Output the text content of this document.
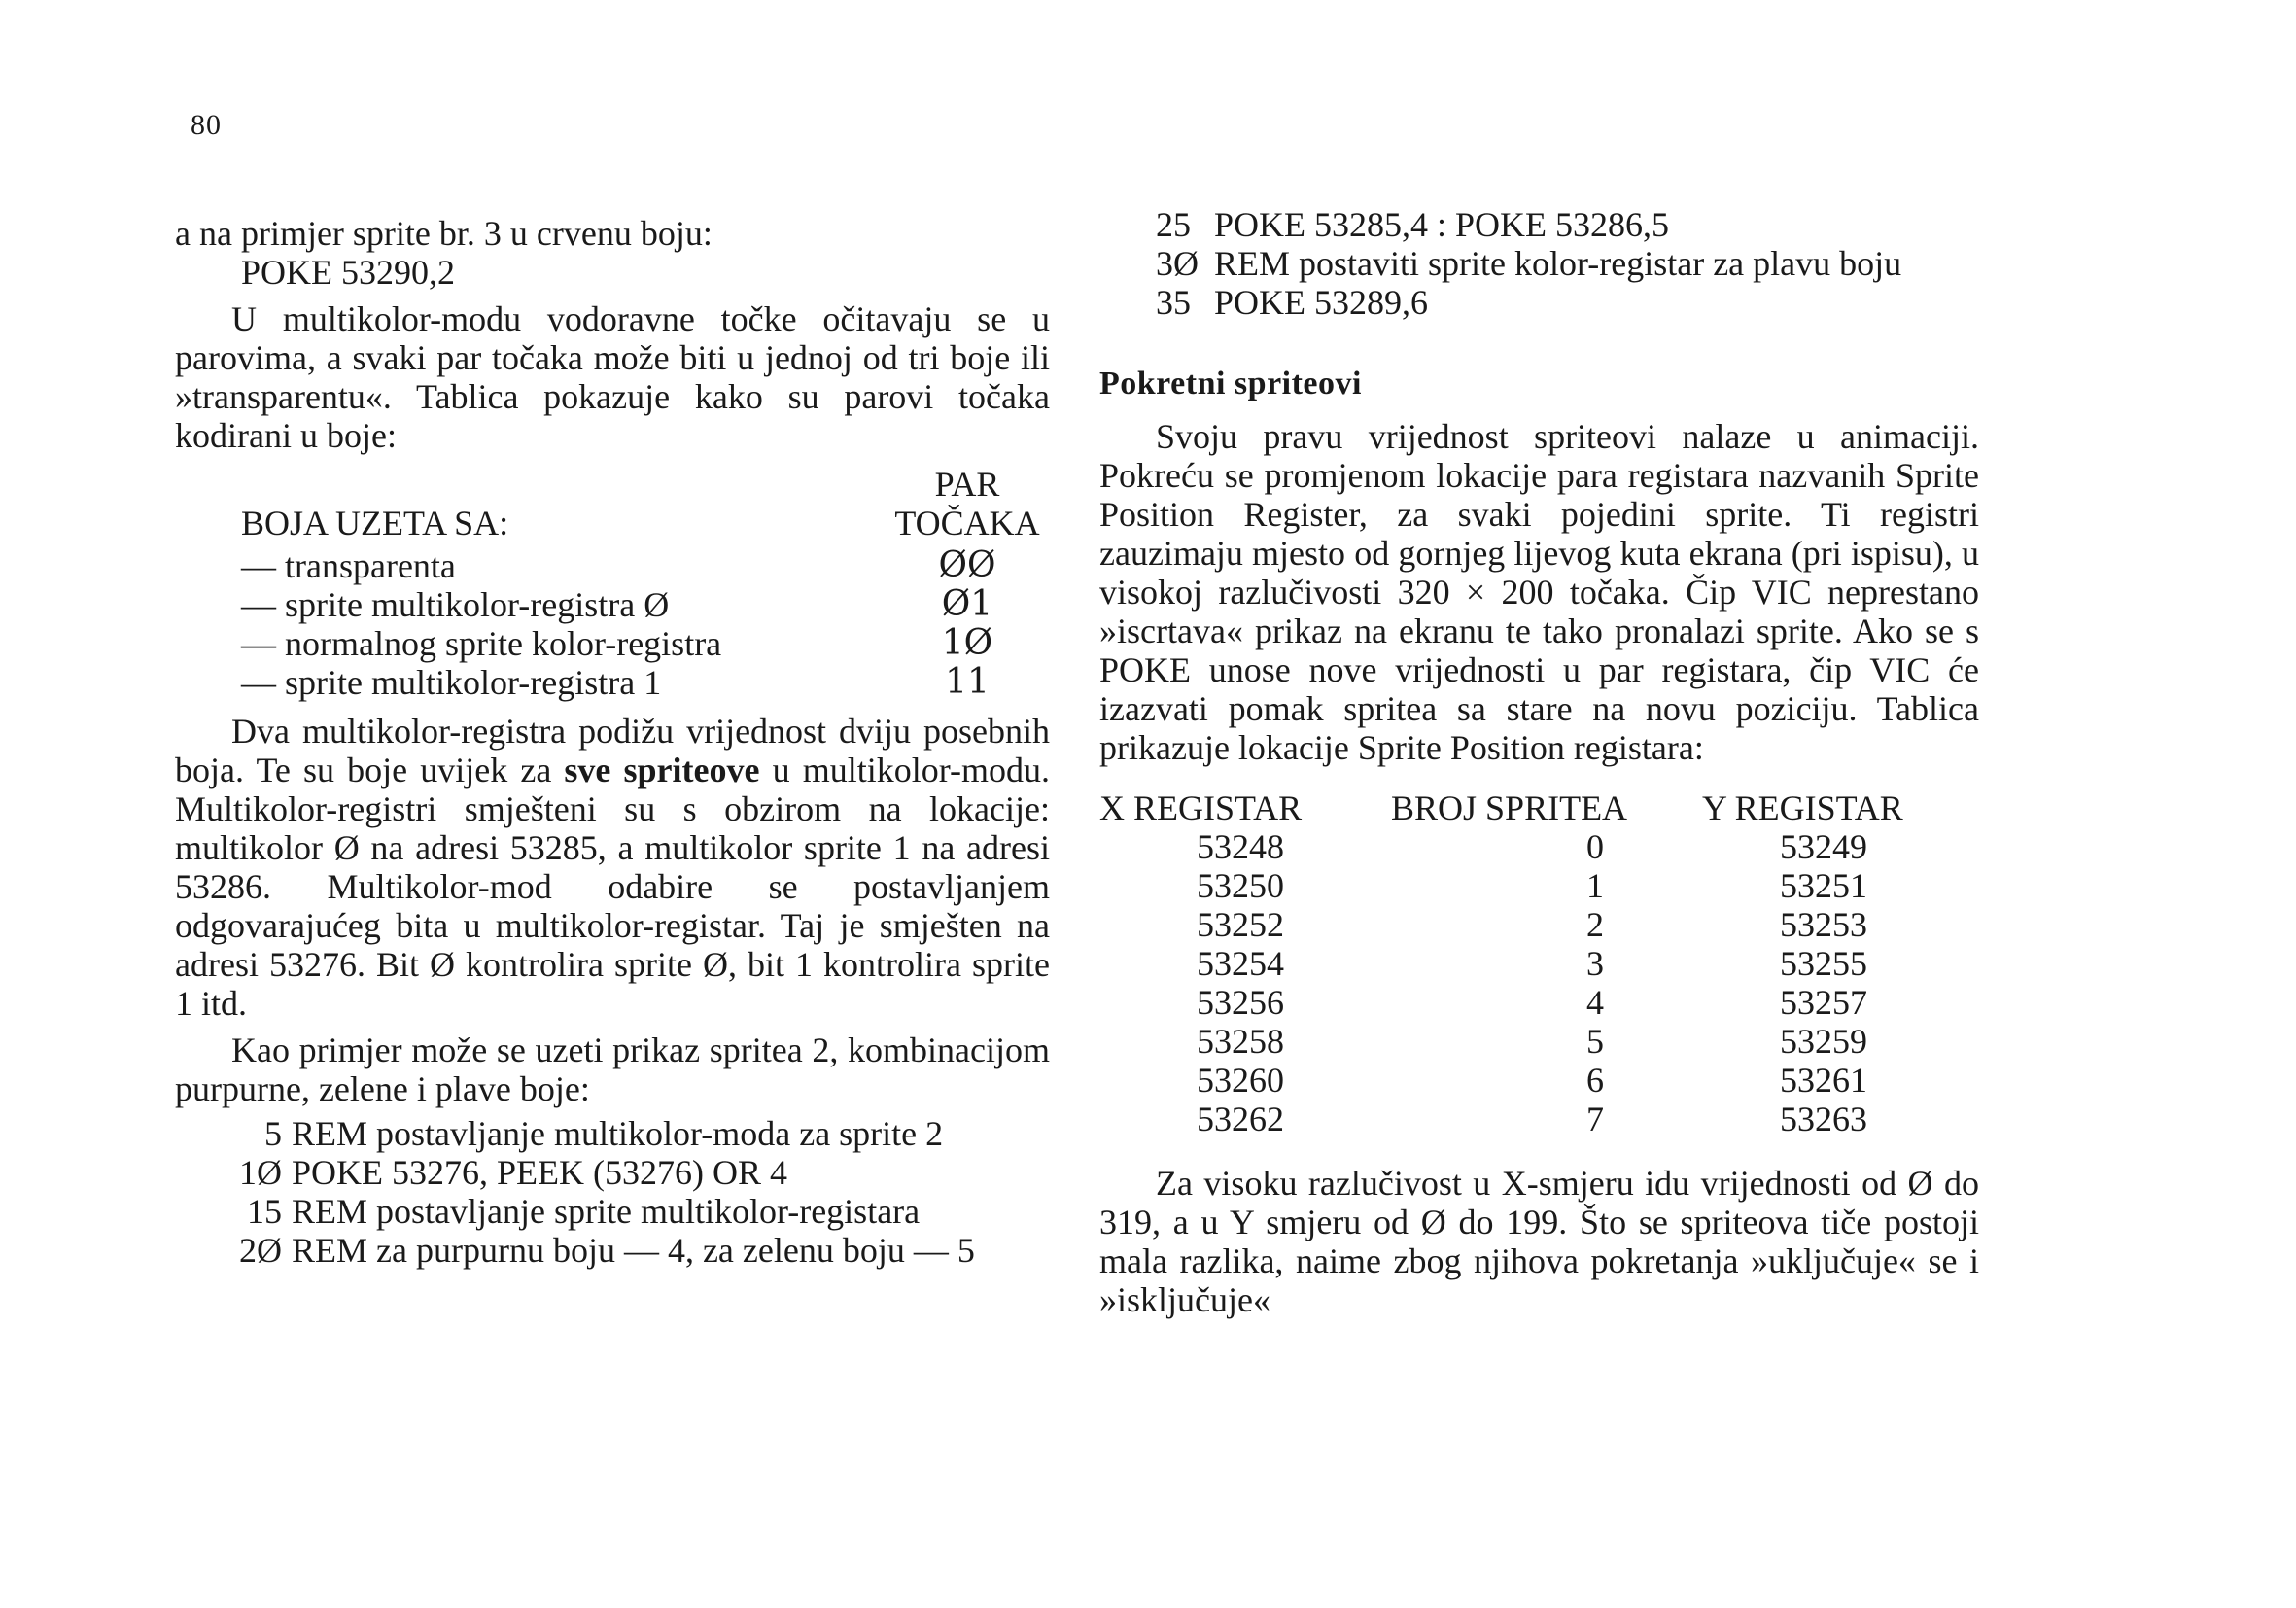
80

a na primjer sprite br. 3 u crvenu boju:

POKE 53290,2

U multikolor-modu vodoravne točke očitavaju se u parovima, a svaki par točaka može biti u jednoj od tri boje ili »transparentu«. Tablica pokazuje kako su parovi točaka kodirani u boje:

BOJA UZETA SA:
PAR
TOČAKA
— transparenta	ØØ
— sprite multikolor-registra Ø	Ø1
— normalnog sprite kolor-registra	1Ø
— sprite multikolor-registra 1	11

Dva multikolor-registra podižu vrijednost dviju posebnih boja. Te su boje uvijek za sve spriteove u multikolor-modu. Multikolor-registri smješteni su s obzirom na lokacije: multikolor Ø na adresi 53285, a multikolor sprite 1 na adresi 53286. Multikolor-mod odabire se postavljanjem odgovarajućeg bita u multikolor-registar. Taj je smješten na adresi 53276. Bit Ø kontrolira sprite Ø, bit 1 kontrolira sprite 1 itd.

Kao primjer može se uzeti prikaz spritea 2, kombinacijom purpurne, zelene i plave boje:

5 REM postavljanje multikolor-moda za sprite 2
1Ø POKE 53276, PEEK (53276) OR 4
15 REM postavljanje sprite multikolor-registara
2Ø REM za purpurnu boju — 4, za zelenu boju — 5
25 POKE 53285,4 : POKE 53286,5
3Ø REM postaviti sprite kolor-registar za plavu boju
35 POKE 53289,6
Pokretni spriteovi

Svoju pravu vrijednost spriteovi nalaze u animaciji. Pokreću se promjenom lokacije para registara nazvanih Sprite Position Register, za svaki pojedini sprite. Ti registri zauzimaju mjesto od gornjeg lijevog kuta ekrana (pri ispisu), u visokoj razlučivosti 320 × 200 točaka. Čip VIC neprestano »iscrtava« prikaz na ekranu te tako pronalazi sprite. Ako se s POKE unose nove vrijednosti u par registara, čip VIC će izazvati pomak spritea sa stare na novu poziciju. Tablica prikazuje lokacije Sprite Position registara:

X REGISTAR	BROJ SPRITEA	Y REGISTAR
53248	0	53249
53250	1	53251
53252	2	53253
53254	3	53255
53256	4	53257
53258	5	53259
53260	6	53261
53262	7	53263

Za visoku razlučivost u X-smjeru idu vrijednosti od Ø do 319, a u Y smjeru od Ø do 199. Što se spriteova tiče postoji mala razlika, naime zbog njihova pokretanja »uključuje« se i »isključuje«
